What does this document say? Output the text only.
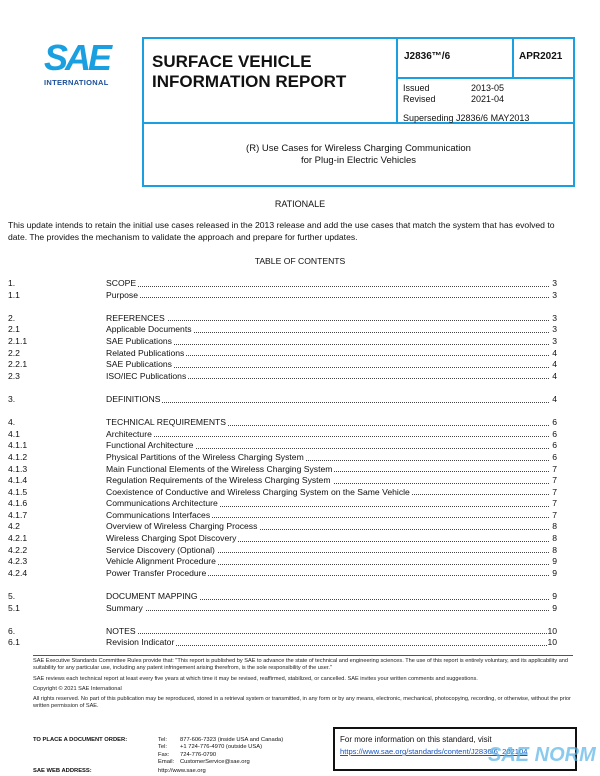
SAE
INTERNATIONAL
SURFACE VEHICLE
INFORMATION REPORT
J2836™/6	APR2021
Issued	2013-05
Revised	2021-04
Superseding J2836/6 MAY2013
(R) Use Cases for Wireless Charging Communication
for Plug-in Electric Vehicles
RATIONALE
This update intends to retain the initial use cases released in the 2013 release and add the use cases that match the system that has evolved to date. The provides the mechanism to validate the approach and prepare for further updates.
TABLE OF CONTENTS
1.	SCOPE	3
1.1	Purpose	3
2.	REFERENCES	3
2.1	Applicable Documents	3
2.1.1	SAE Publications	3
2.2	Related Publications	4
2.2.1	SAE Publications	4
2.3	ISO/IEC Publications	4
3.	DEFINITIONS	4
4.	TECHNICAL REQUIREMENTS	6
4.1	Architecture	6
4.1.1	Functional Architecture	6
4.1.2	Physical Partitions of the Wireless Charging System	6
4.1.3	Main Functional Elements of the Wireless Charging System	7
4.1.4	Regulation Requirements of the Wireless Charging System	7
4.1.5	Coexistence of Conductive and Wireless Charging System on the Same Vehicle	7
4.1.6	Communications Architecture	7
4.1.7	Communications Interfaces	7
4.2	Overview of Wireless Charging Process	8
4.2.1	Wireless Charging Spot Discovery	8
4.2.2	Service Discovery (Optional)	8
4.2.3	Vehicle Alignment Procedure	9
4.2.4	Power Transfer Procedure	9
5.	DOCUMENT MAPPING	9
5.1	Summary	9
6.	NOTES	10
6.1	Revision Indicator	10

SAE Executive Standards Committee Rules provide that: "This report is published by SAE to advance the state of technical and engineering sciences. The use of this report is entirely voluntary, and its applicability and suitability for any particular use, including any patent infringement arising therefrom, is the sole responsibility of the user."

SAE reviews each technical report at least every five years at which time it may be revised, reaffirmed, stabilized, or cancelled. SAE invites your written comments and suggestions.

Copyright © 2021 SAE International

All rights reserved. No part of this publication may be reproduced, stored in a retrieval system or transmitted, in any form or by any means, electronic, mechanical, photocopying, recording, or otherwise, without the prior written permission of SAE.

TO PLACE A DOCUMENT ORDER:	Tel: 877-606-7323 (inside USA and Canada)
Tel: +1 724-776-4970 (outside USA)
Fax: 724-776-0790
Email: CustomerService@sae.org
SAE WEB ADDRESS:	http://www.sae.org
For more information on this standard, visit
https://www.sae.org/standards/content/J2836/6_202104
SAE NORM
